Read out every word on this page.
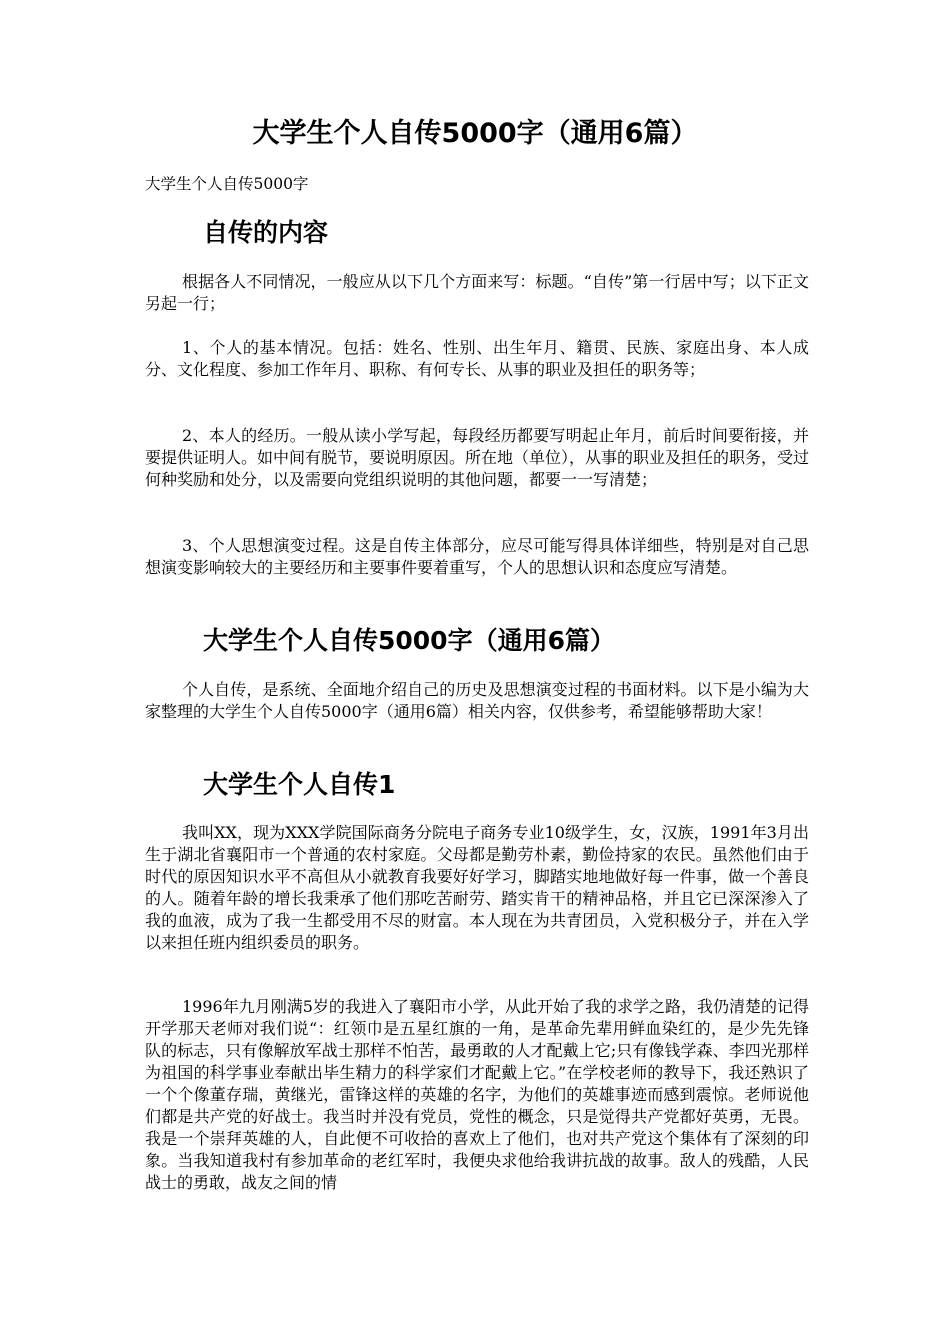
大学生个人自传5000字（通用6篇）
大学生个人自传5000字
自传的内容

根据各人不同情况，一般应从以下几个方面来写：标题。“自传”第一行居中写；以下正文另起一行；

1、个人的基本情况。包括：姓名、性别、出生年月、籍贯、民族、家庭出身、本人成分、文化程度、参加工作年月、职称、有何专长、从事的职业及担任的职务等；

2、本人的经历。一般从读小学写起，每段经历都要写明起止年月，前后时间要衔接，并要提供证明人。如中间有脱节，要说明原因。所在地（单位），从事的职业及担任的职务，受过何种奖励和处分，以及需要向党组织说明的其他问题，都要一一写清楚；

3、个人思想演变过程。这是自传主体部分，应尽可能写得具体详细些，特别是对自己思想演变影响较大的主要经历和主要事件要着重写，个人的思想认识和态度应写清楚。

大学生个人自传5000字（通用6篇）

个人自传，是系统、全面地介绍自己的历史及思想演变过程的书面材料。以下是小编为大家整理的大学生个人自传5000字（通用6篇）相关内容，仅供参考，希望能够帮助大家！

大学生个人自传1

我叫XX，现为XXX学院国际商务分院电子商务专业10级学生，女，汉族，1991年3月出生于湖北省襄阳市一个普通的农村家庭。父母都是勤劳朴素，勤俭持家的农民。虽然他们由于时代的原因知识水平不高但从小就教育我要好好学习，脚踏实地地做好每一件事，做一个善良的人。随着年龄的增长我秉承了他们那吃苦耐劳、踏实肯干的精神品格，并且它已深深渗入了我的血液，成为了我一生都受用不尽的财富。本人现在为共青团员，入党积极分子，并在入学以来担任班内组织委员的职务。

1996年九月刚满5岁的我进入了襄阳市小学，从此开始了我的求学之路，我仍清楚的记得开学那天老师对我们说“：红领巾是五星红旗的一角，是革命先辈用鲜血染红的，是少先先锋队的标志，只有像解放军战士那样不怕苦，最勇敢的人才配戴上它;只有像钱学森、李四光那样为祖国的科学事业奉献出毕生精力的科学家们才配戴上它。”在学校老师的教导下，我还熟识了一个个像董存瑞，黄继光，雷锋这样的英雄的名字，为他们的英雄事迹而感到震惊。老师说他们都是共产党的好战士。我当时并没有党员，党性的概念，只是觉得共产党都好英勇，无畏。我是一个崇拜英雄的人，自此便不可收拾的喜欢上了他们，也对共产党这个集体有了深刻的印象。当我知道我村有参加革命的老红军时，我便央求他给我讲抗战的故事。敌人的残酷，人民战士的勇敢，战友之间的情
